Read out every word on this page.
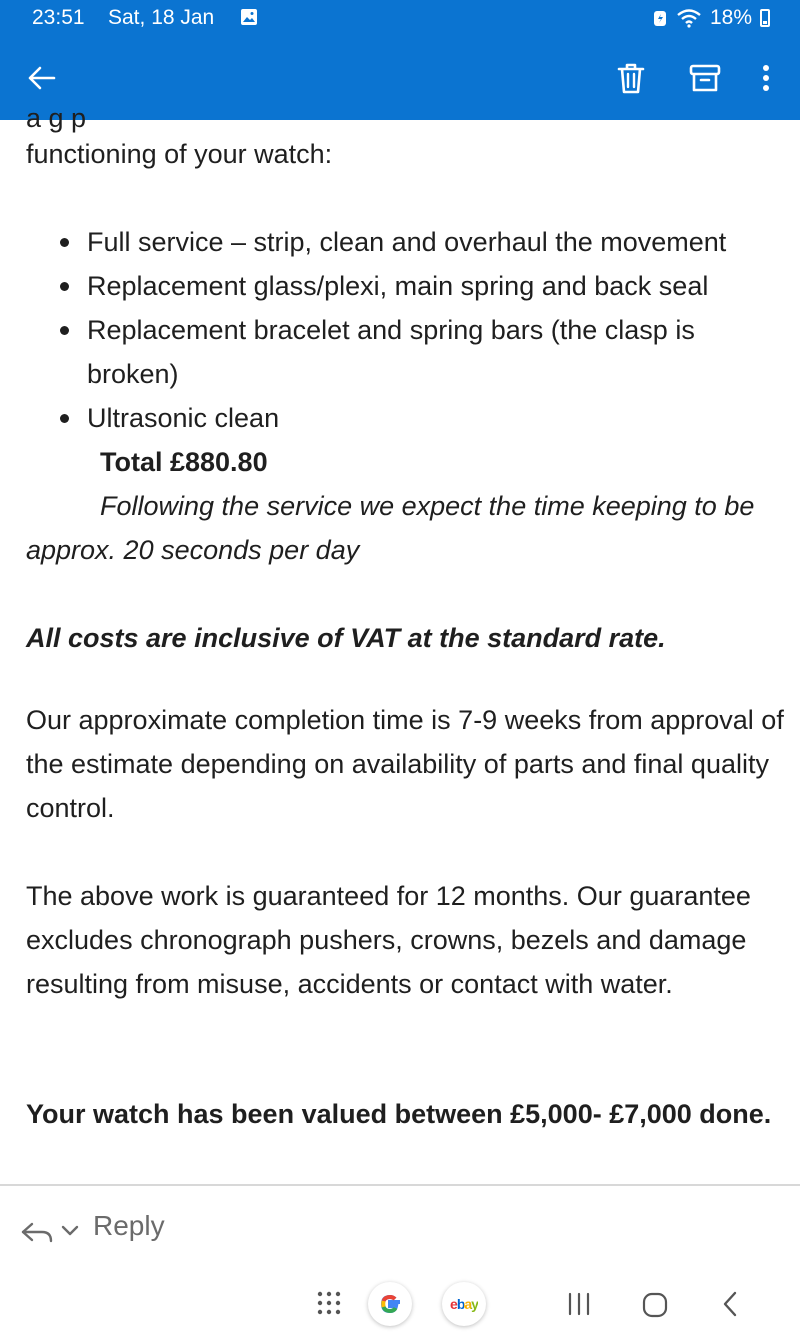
23:51 Sat, 18 Jan	18%
a g p
functioning of your watch:
Full service – strip, clean and overhaul the movement
Replacement glass/plexi, main spring and back seal
Replacement bracelet and spring bars (the clasp is broken)
Ultrasonic clean
Total £880.80
Following the service we expect the time keeping to be approx. 20 seconds per day
All costs are inclusive of VAT at the standard rate.
Our approximate completion time is 7-9 weeks from approval of the estimate depending on availability of parts and final quality control.
The above work is guaranteed for 12 months. Our guarantee excludes chronograph pushers, crowns, bezels and damage resulting from misuse, accidents or contact with water.
Your watch has been valued between £5,000- £7,000 done.
Reply
ebay
